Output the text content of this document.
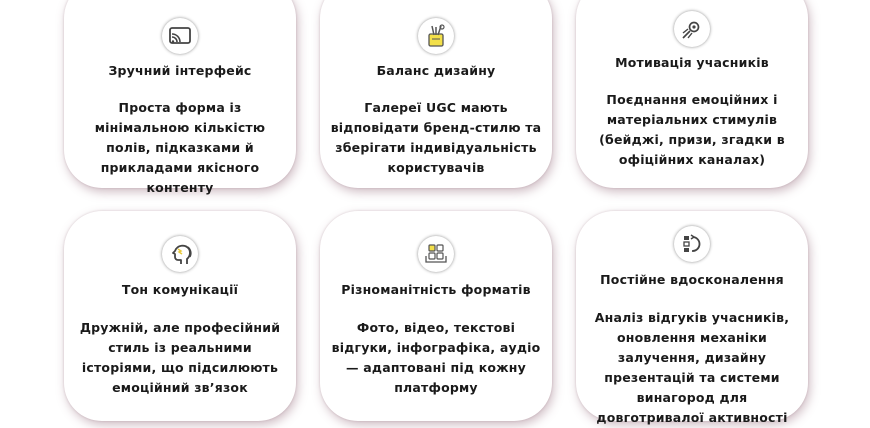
Зручний інтерфейс
Проста форма із мінімальною кількістю полів, підказками й прикладами якісного контенту
Баланс дизайну
Галереї UGC мають відповідати бренд-стилю та зберігати індивідуальність користувачів
Мотивація учасників
Поєднання емоційних і матеріальних стимулів (бейджі, призи, згадки в офіційних каналах)
Тон комунікації
Дружній, але професійний стиль із реальними історіями, що підсилюють емоційний зв’язок
Різноманітність форматів
Фото, відео, текстові відгуки, інфографіка, аудіо — адаптовані під кожну платформу
Постійне вдосконалення
Аналіз відгуків учасників, оновлення механіки залучення, дизайну презентацій та системи винагород для довготривалої активності
